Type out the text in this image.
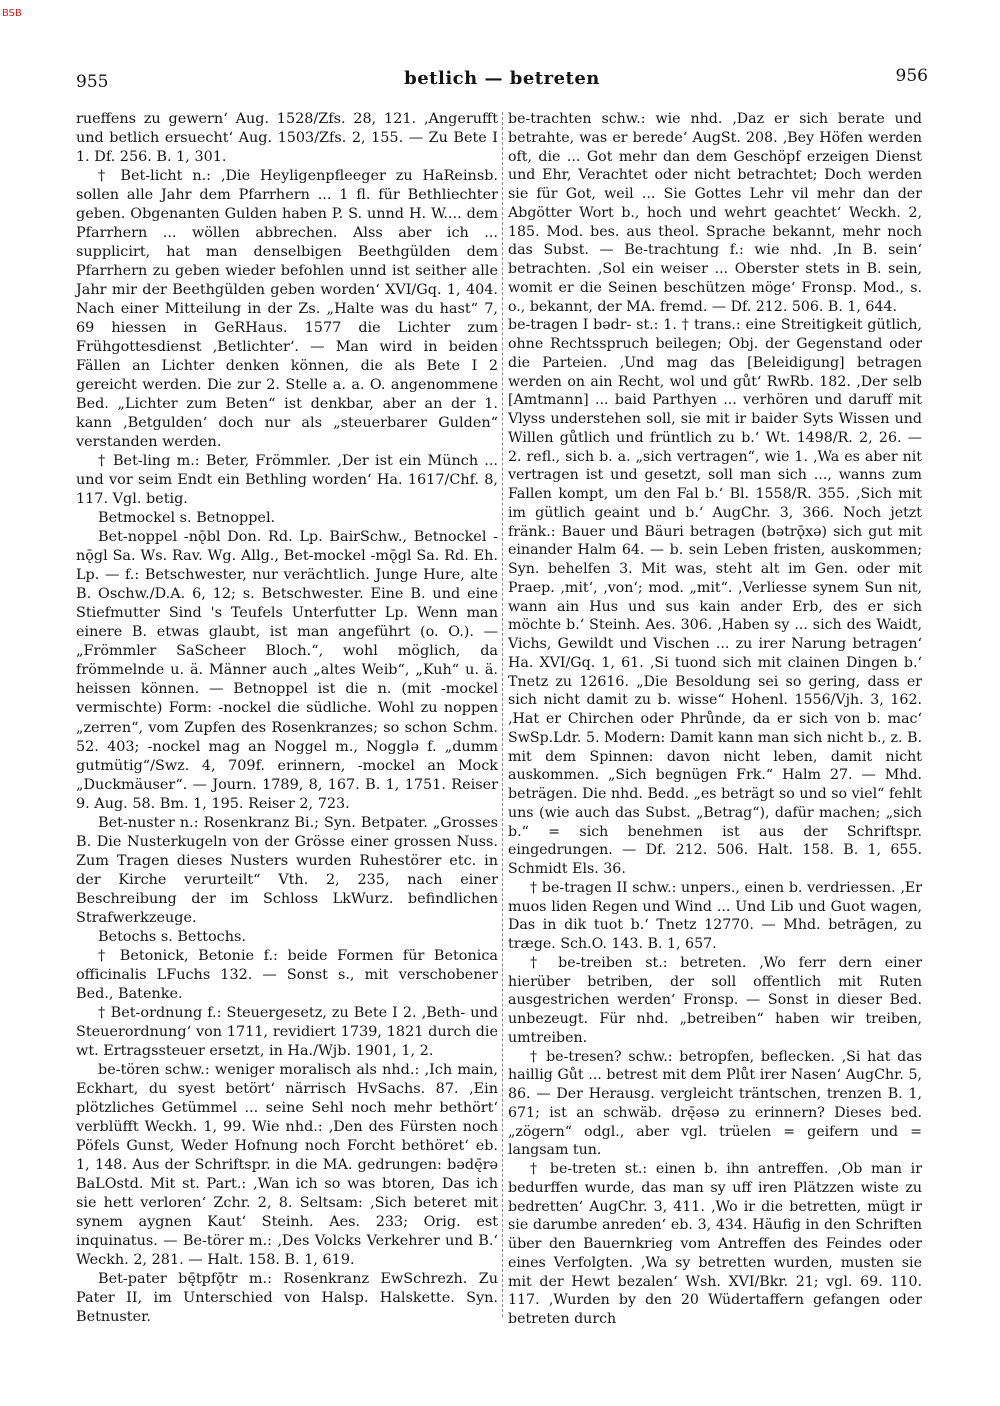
BSB
955	betlich — betreten	956

rueffens zu gewern‘ Aug. 1528/Zfs. 28, 121. ‚Angerufft und betlich ersuecht‘ Aug. 1503/Zfs. 2, 155. — Zu Bete I 1. Df. 256. B. 1, 301.

† Bet-licht n.: ‚Die Heyligenpfleeger zu HaReinsb. sollen alle Jahr dem Pfarrhern ... 1 fl. für Bethliechter geben. Obgenanten Gulden haben P. S. unnd H. W.... dem Pfarrhern ... wöllen abbrechen. Alss aber ich ... supplicirt, hat man denselbigen Beethgülden dem Pfarrhern zu geben wieder befohlen unnd ist seither alle Jahr mir der Beethgülden geben worden‘ XVI/Gq. 1, 404. Nach einer Mitteilung in der Zs. „Halte was du hast“ 7, 69 hiessen in GeRHaus. 1577 die Lichter zum Frühgottesdienst ‚Betlichter‘. — Man wird in beiden Fällen an Lichter denken können, die als Bete I 2 gereicht werden. Die zur 2. Stelle a. a. O. angenommene Bed. „Lichter zum Beten“ ist denkbar, aber an der 1. kann ‚Betgulden‘ doch nur als „steuerbarer Gulden“ verstanden werden.

† Bet-ling m.: Beter, Frömmler. ‚Der ist ein Münch ... und vor seim Endt ein Bethling worden‘ Ha. 1617/Chf. 8, 117. Vgl. betig.

Betmockel s. Betnoppel.

Bet-noppel -nǭbl Don. Rd. Lp. BairSchw., Betnockel -nǭgl Sa. Ws. Rav. Wg. Allg., Bet-mockel -mǭgl Sa. Rd. Eh. Lp. — f.: Betschwester, nur verächtlich. Junge Hure, alte B. Oschw./D.A. 6, 12; s. Betschwester. Eine B. und eine Stiefmutter Sind 's Teufels Unterfutter Lp. Wenn man einere B. etwas glaubt, ist man angeführt (o. O.). — „Frömmler SaScheer Bloch.“, wohl möglich, da frömmelnde u. ä. Männer auch „altes Weib“, „Kuh“ u. ä. heissen können. — Betnoppel ist die n. (mit -mockel vermischte) Form: -nockel die südliche. Wohl zu noppen „zerren“, vom Zupfen des Rosenkranzes; so schon Schm. 52. 403; -nockel mag an Noggel m., Nogglə f. „dumm gutmütig“/Swz. 4, 709f. erinnern, -mockel an Mock „Duckmäuser“. — Journ. 1789, 8, 167. B. 1, 1751. Reiser 9. Aug. 58. Bm. 1, 195. Reiser 2, 723.

Bet-nuster n.: Rosenkranz Bi.; Syn. Betpater. „Grosses B. Die Nusterkugeln von der Grösse einer grossen Nuss. Zum Tragen dieses Nusters wurden Ruhestörer etc. in der Kirche verurteilt“ Vth. 2, 235, nach einer Beschreibung der im Schloss LkWurz. befindlichen Strafwerkzeuge.

Betochs s. Bettochs.

† Betonick, Betonie f.: beide Formen für Betonica officinalis LFuchs 132. — Sonst s., mit verschobener Bed., Batenke.

† Bet-ordnung f.: Steuergesetz, zu Bete I 2. ‚Beth- und Steuerordnung‘ von 1711, revidiert 1739, 1821 durch die wt. Ertragssteuer ersetzt, in Ha./Wjb. 1901, 1, 2.

be-tören schw.: weniger moralisch als nhd.: ‚Ich main, Eckhart, du syest betört‘ närrisch HvSachs. 87. ‚Ein plötzliches Getümmel ... seine Sehl noch mehr bethört‘ verblüfft Weckh. 1, 99. Wie nhd.: ‚Den des Fürsten noch Pöfels Gunst, Weder Hofnung noch Forcht bethöret‘ eb. 1, 148. Aus der Schriftspr. in die MA. gedrungen: bədę̄rə BaLOstd. Mit st. Part.: ‚Wan ich so was btoren, Das ich sie hett verloren‘ Zchr. 2, 8. Seltsam: ‚Sich beteret mit synem aygnen Kaut‘ Steinh. Aes. 233; Orig. est inquinatus. — Be-törer m.: ‚Des Volcks Verkehrer und B.‘ Weckh. 2, 281. — Halt. 158. B. 1, 619.

Bet-pater bę̄tpfǭtr m.: Rosenkranz EwSchrezh. Zu Pater II, im Unterschied von Halsp. Halskette. Syn. Betnuster.

be-trachten schw.: wie nhd. ‚Daz er sich berate und betrahte, was er berede‘ AugSt. 208. ‚Bey Höfen werden oft, die ... Got mehr dan dem Geschöpf erzeigen Dienst und Ehr, Verachtet oder nicht betrachtet; Doch werden sie für Got, weil ... Sie Gottes Lehr vil mehr dan der Abgötter Wort b., hoch und wehrt geachtet‘ Weckh. 2, 185. Mod. bes. aus theol. Sprache bekannt, mehr noch das Subst. — Be-trachtung f.: wie nhd. ‚In B. sein‘ betrachten. ‚Sol ein weiser ... Oberster stets in B. sein, womit er die Seinen beschützen möge‘ Fronsp. Mod., s. o., bekannt, der MA. fremd. — Df. 212. 506. B. 1, 644.

be-tragen I bədr- st.: 1. † trans.: eine Streitigkeit gütlich, ohne Rechtsspruch beilegen; Obj. der Gegenstand oder die Parteien. ‚Und mag das [Beleidigung] betragen werden on ain Recht, wol und gůt‘ RwRb. 182. ‚Der selb [Amtmann] ... baid Parthyen ... verhören und daruff mit Vlyss understehen soll, sie mit ir baider Syts Wissen und Willen gůtlich und früntlich zu b.‘ Wt. 1498/R. 2, 26. — 2. refl., sich b. a. „sich vertragen“, wie 1. ‚Wa es aber nit vertragen ist und gesetzt, soll man sich ..., wanns zum Fallen kompt, um den Fal b.‘ Bl. 1558/R. 355. ‚Sich mit im gütlich geaint und b.‘ AugChr. 3, 366. Noch jetzt fränk.: Bauer und Bäuri betragen (bətrǭxə) sich gut mit einander Halm 64. — b. sein Leben fristen, auskommen; Syn. behelfen 3. Mit was, steht alt im Gen. oder mit Praep. ‚mit‘, ‚von‘; mod. „mit“. ‚Verliesse synem Sun nit, wann ain Hus und sus kain ander Erb, des er sich möchte b.‘ Steinh. Aes. 306. ‚Haben sy ... sich des Waidt, Vichs, Gewildt und Vischen ... zu irer Narung betragen‘ Ha. XVI/Gq. 1, 61. ‚Si tuond sich mit clainen Dingen b.‘ Tnetz zu 12616. „Die Besoldung sei so gering, dass er sich nicht damit zu b. wisse“ Hohenl. 1556/Vjh. 3, 162. ‚Hat er Chirchen oder Phrůnde, da er sich von b. mac‘ SwSp.Ldr. 5. Modern: Damit kann man sich nicht b., z. B. mit dem Spinnen: davon nicht leben, damit nicht auskommen. „Sich begnügen Frk.“ Halm 27. — Mhd. beträgen. Die nhd. Bedd. „es beträgt so und so viel“ fehlt uns (wie auch das Subst. „Betrag“), dafür machen; „sich b.“ = sich benehmen ist aus der Schriftspr. eingedrungen. — Df. 212. 506. Halt. 158. B. 1, 655. Schmidt Els. 36.

† be-tragen II schw.: unpers., einen b. verdriessen. ‚Er muos liden Regen und Wind ... Und Lib und Guot wagen, Das in dik tuot b.‘ Tnetz 12770. — Mhd. betrāgen, zu træge. Sch.O. 143. B. 1, 657.

† be-treiben st.: betreten. ‚Wo ferr dern einer hierüber betriben, der soll offentlich mit Ruten ausgestrichen werden‘ Fronsp. — Sonst in dieser Bed. unbezeugt. Für nhd. „betreiben“ haben wir treiben, umtreiben.

† be-tresen? schw.: betropfen, beflecken. ‚Si hat das haillig Gůt ... betrest mit dem Plůt irer Nasen‘ AugChr. 5, 86. — Der Herausg. vergleicht träntschen, trenzen B. 1, 671; ist an schwäb. drę̄əsə zu erinnern? Dieses bed. „zögern“ odgl., aber vgl. trüelen = geifern und = langsam tun.

† be-treten st.: einen b. ihn antreffen. ‚Ob man ir bedurffen wurde, das man sy uff iren Plätzzen wiste zu bedretten‘ AugChr. 3, 411. ‚Wo ir die betretten, mügt ir sie darumbe anreden‘ eb. 3, 434. Häufig in den Schriften über den Bauernkrieg vom Antreffen des Feindes oder eines Verfolgten. ‚Wa sy betretten wurden, musten sie mit der Hewt bezalen‘ Wsh. XVI/Bkr. 21; vgl. 69. 110. 117. ‚Wurden by den 20 Wüdertaffern gefangen oder betreten durch
